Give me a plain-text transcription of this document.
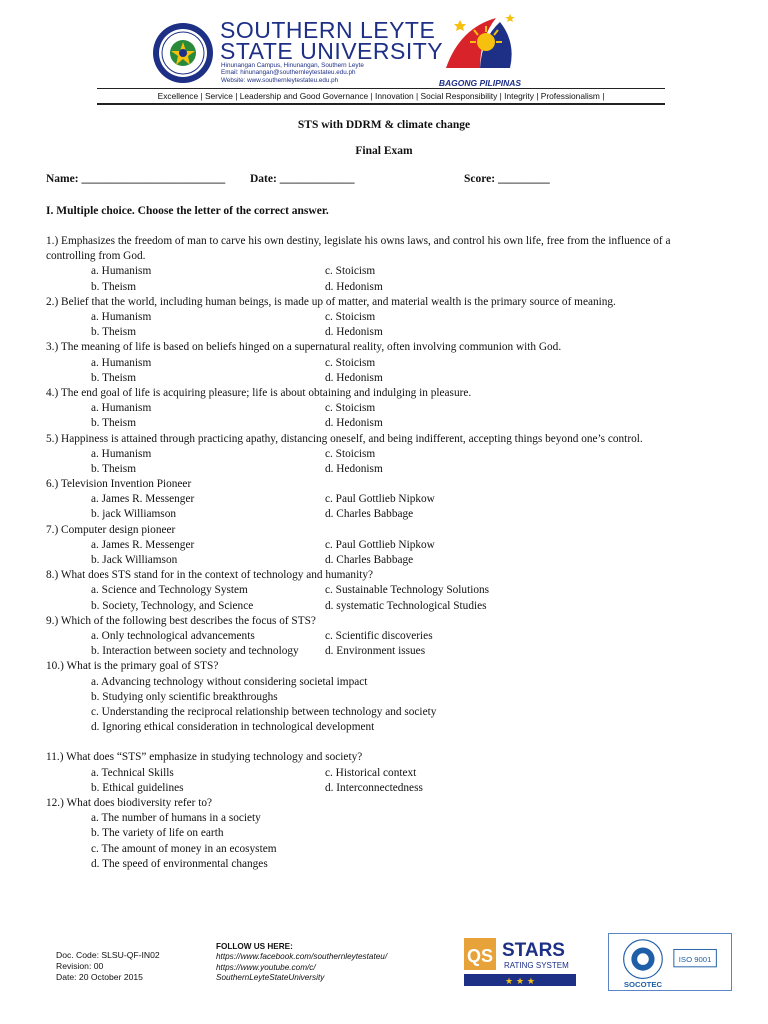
SOUTHERN LEYTE
STATE UNIVERSITY
Hinunangan Campus, Hinunangan, Southern Leyte
Email: hinunangan@southernleytestateu.edu.ph
Website: www.southernleytestateu.edu.ph	BAGONG PILIPINAS
Excellence | Service | Leadership and Good Governance | Innovation | Social Responsibility | Integrity | Professionalism |
STS with DDRM & climate change
Final Exam
Name: _________________________ Date: _____________	Score: _________
I. Multiple choice. Choose the letter of the correct answer.
1.) Emphasizes the freedom of man to carve his own destiny, legislate his owns laws, and control his own life, free from the influence of a controlling from God.
a. Humanism	c. Stoicism
b. Theism	d. Hedonism
2.) Belief that the world, including human beings, is made up of matter, and material wealth is the primary source of meaning.
a. Humanism	c. Stoicism
b. Theism	d. Hedonism
3.) The meaning of life is based on beliefs hinged on a supernatural reality, often involving communion with God.
a. Humanism	c. Stoicism
b. Theism	d. Hedonism
4.) The end goal of life is acquiring pleasure; life is about obtaining and indulging in pleasure.
a. Humanism	c. Stoicism
b. Theism	d. Hedonism
5.) Happiness is attained through practicing apathy, distancing oneself, and being indifferent, accepting things beyond one’s control.
a. Humanism	c. Stoicism
b. Theism	d. Hedonism
6.) Television Invention Pioneer
a. James R. Messenger	c. Paul Gottlieb Nipkow
b. jack Williamson	d. Charles Babbage
7.) Computer design pioneer
a. James R. Messenger	c. Paul Gottlieb Nipkow
b. Jack Williamson	d. Charles Babbage
8.) What does STS stand for in the context of technology and humanity?
a. Science and Technology System	c. Sustainable Technology Solutions
b. Society, Technology, and Science	d. systematic Technological Studies
9.) Which of the following best describes the focus of STS?
a. Only technological advancements	c. Scientific discoveries
b. Interaction between society and technology d. Environment issues
10.) What is the primary goal of STS?
a. Advancing technology without considering societal impact
b. Studying only scientific breakthroughs
c. Understanding the reciprocal relationship between technology and society
d. Ignoring ethical consideration in technological development
11.) What does “STS” emphasize in studying technology and society?
a. Technical Skills	c. Historical context
b. Ethical guidelines	d. Interconnectedness
12.) What does biodiversity refer to?
a. The number of humans in a society
b. The variety of life on earth
c. The amount of money in an ecosystem
d. The speed of environmental changes
Doc. Code: SLSU-QF-IN02
Revision: 00
Date: 20 October 2015
FOLLOW US HERE:
https://www.facebook.com/southernleytestateu/
https://www.youtube.com/c/
SouthernLeyteStateUniversity
QS STARS
RATING SYSTEM
★ ★ ★
ISO 9001
SOCOTEC
